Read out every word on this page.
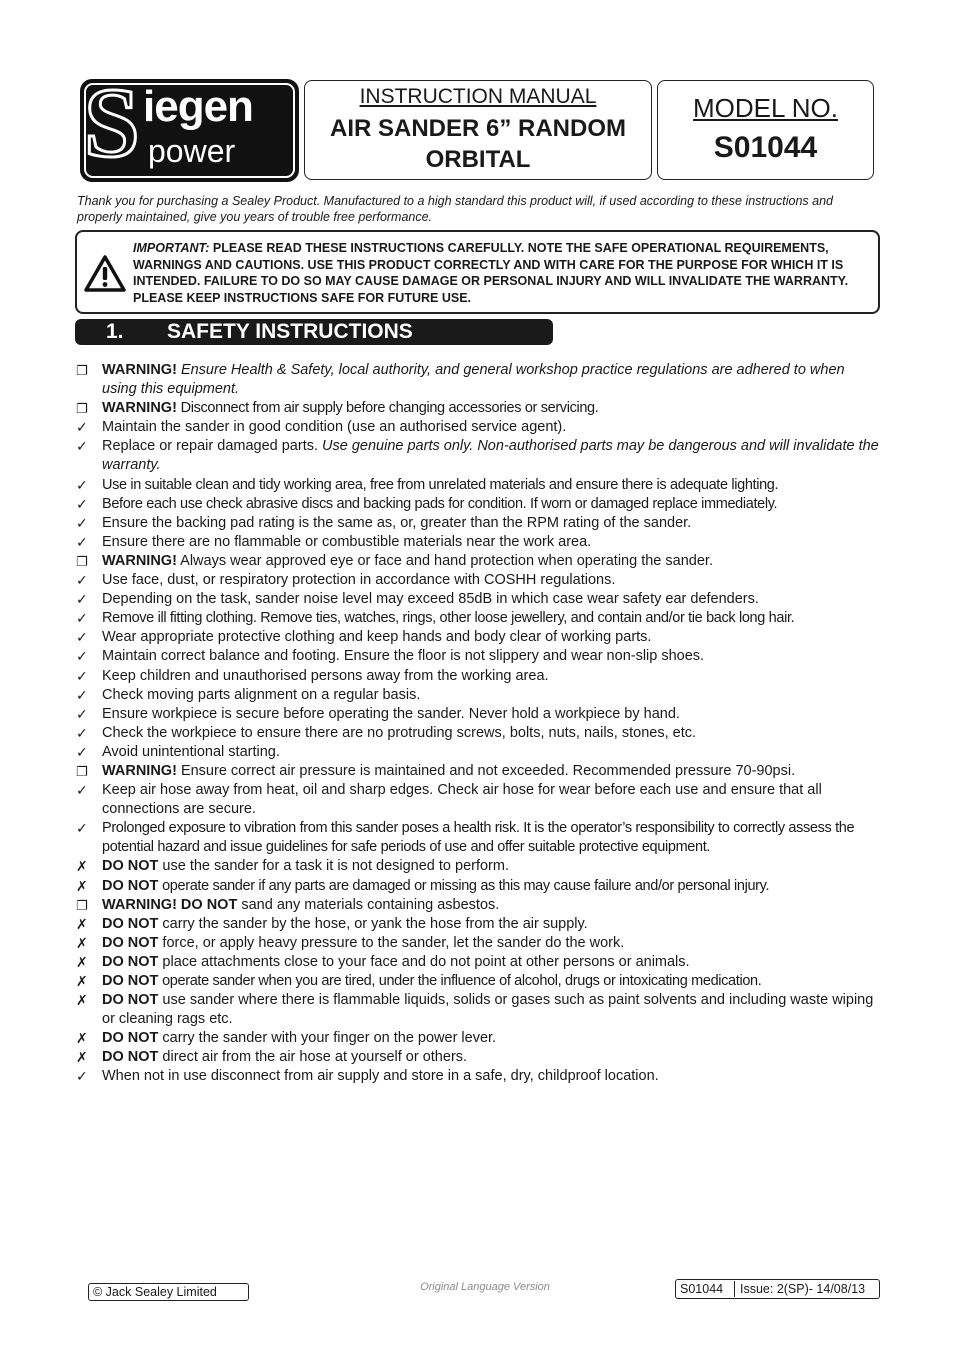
S iegen
power
INSTRUCTION MANUAL
AIR SANDER 6” RANDOM ORBITAL
MODEL NO.
S01044
Thank you for purchasing a Sealey Product. Manufactured to a high standard this product will, if used according to these instructions and properly maintained, give you years of trouble free performance.
IMPORTANT: PLEASE READ THESE INSTRUCTIONS CAREFULLY. NOTE THE SAFE OPERATIONAL REQUIREMENTS, WARNINGS AND CAUTIONS. USE THIS PRODUCT CORRECTLY AND WITH CARE FOR THE PURPOSE FOR WHICH IT IS INTENDED. FAILURE TO DO SO MAY CAUSE DAMAGE OR PERSONAL INJURY AND WILL INVALIDATE THE WARRANTY. PLEASE KEEP INSTRUCTIONS SAFE FOR FUTURE USE.
1. SAFETY INSTRUCTIONS
❐ WARNING! Ensure Health & Safety, local authority, and general workshop practice regulations are adhered to when using this equipment.
❐ WARNING! Disconnect from air supply before changing accessories or servicing.
✓ Maintain the sander in good condition (use an authorised service agent).
✓ Replace or repair damaged parts. Use genuine parts only. Non-authorised parts may be dangerous and will invalidate the warranty.
✓ Use in suitable clean and tidy working area, free from unrelated materials and ensure there is adequate lighting.
✓ Before each use check abrasive discs and backing pads for condition. If worn or damaged replace immediately.
✓ Ensure the backing pad rating is the same as, or, greater than the RPM rating of the sander.
✓ Ensure there are no flammable or combustible materials near the work area.
❐ WARNING! Always wear approved eye or face and hand protection when operating the sander.
✓ Use face, dust, or respiratory protection in accordance with COSHH regulations.
✓ Depending on the task, sander noise level may exceed 85dB in which case wear safety ear defenders.
✓ Remove ill fitting clothing. Remove ties, watches, rings, other loose jewellery, and contain and/or tie back long hair.
✓ Wear appropriate protective clothing and keep hands and body clear of working parts.
✓ Maintain correct balance and footing. Ensure the floor is not slippery and wear non-slip shoes.
✓ Keep children and unauthorised persons away from the working area.
✓ Check moving parts alignment on a regular basis.
✓ Ensure workpiece is secure before operating the sander. Never hold a workpiece by hand.
✓ Check the workpiece to ensure there are no protruding screws, bolts, nuts, nails, stones, etc.
✓ Avoid unintentional starting.
❐ WARNING! Ensure correct air pressure is maintained and not exceeded. Recommended pressure 70-90psi.
✓ Keep air hose away from heat, oil and sharp edges. Check air hose for wear before each use and ensure that all connections are secure.
✓ Prolonged exposure to vibration from this sander poses a health risk. It is the operator’s responsibility to correctly assess the potential hazard and issue guidelines for safe periods of use and offer suitable protective equipment.
✗ DO NOT use the sander for a task it is not designed to perform.
✗ DO NOT operate sander if any parts are damaged or missing as this may cause failure and/or personal injury.
❐ WARNING! DO NOT sand any materials containing asbestos.
✗ DO NOT carry the sander by the hose, or yank the hose from the air supply.
✗ DO NOT force, or apply heavy pressure to the sander, let the sander do the work.
✗ DO NOT place attachments close to your face and do not point at other persons or animals.
✗ DO NOT operate sander when you are tired, under the influence of alcohol, drugs or intoxicating medication.
✗ DO NOT use sander where there is flammable liquids, solids or gases such as paint solvents and including waste wiping or cleaning rags etc.
✗ DO NOT carry the sander with your finger on the power lever.
✗ DO NOT direct air from the air hose at yourself or others.
✓ When not in use disconnect from air supply and store in a safe, dry, childproof location.
© Jack Sealey Limited	Original Language Version	S01044 Issue: 2(SP)- 14/08/13
